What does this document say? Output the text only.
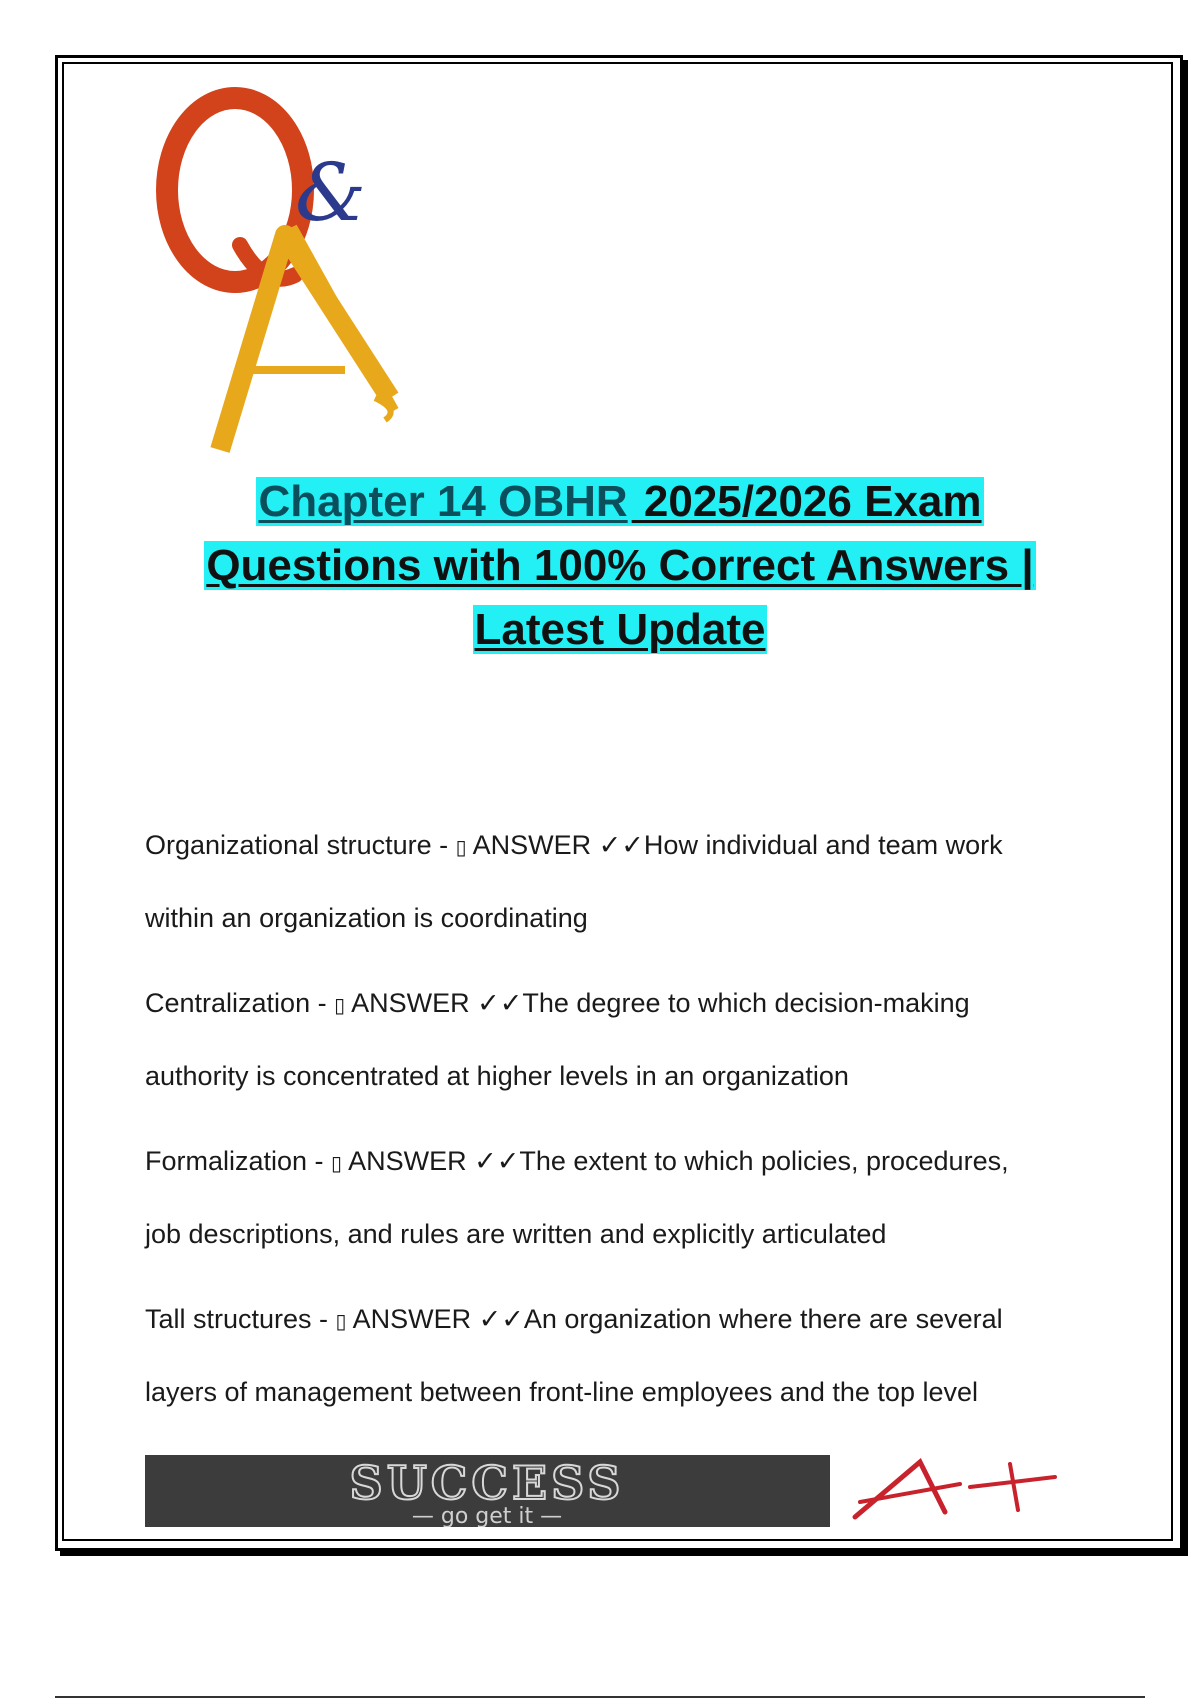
&
Chapter 14 OBHR 2025/2026 Exam
Questions with 100% Correct Answers |
Latest Update
Organizational structure - ▯ ANSWER ✓✓How individual and team work
within an organization is coordinating
Centralization - ▯ ANSWER ✓✓The degree to which decision-making
authority is concentrated at higher levels in an organization
Formalization - ▯ ANSWER ✓✓The extent to which policies, procedures,
job descriptions, and rules are written and explicitly articulated
Tall structures - ▯ ANSWER ✓✓An organization where there are several
layers of management between front-line employees and the top level
SUCCESS
— go get it —
